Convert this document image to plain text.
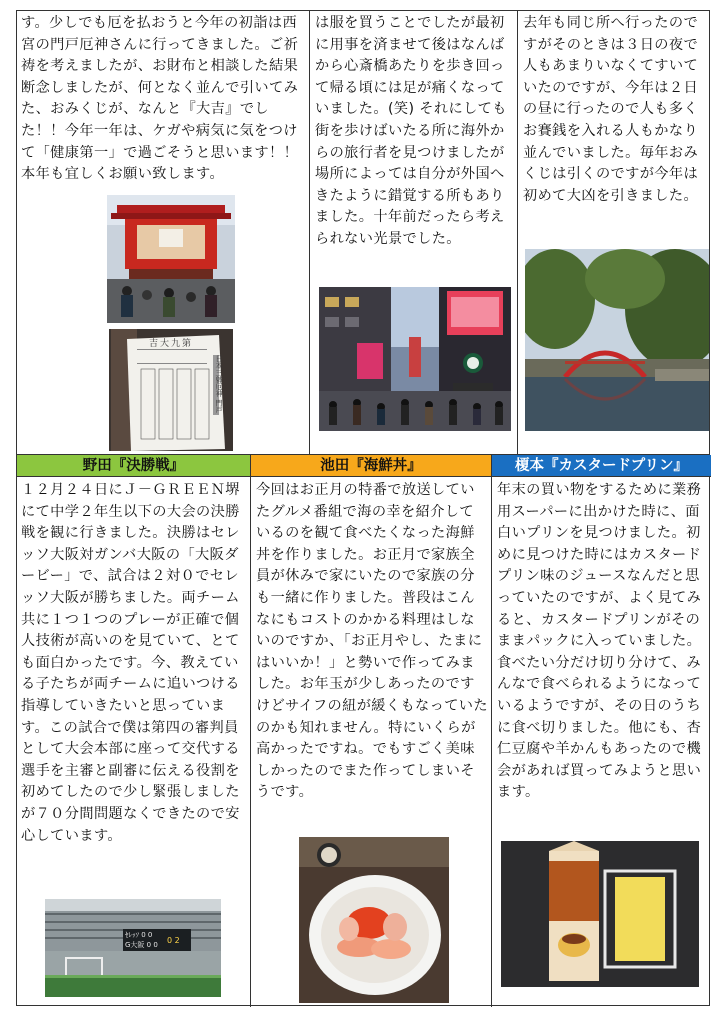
す。少しでも厄を払おうと今年の初詣は西宮の門戸厄神さんに行ってきました。ご祈祷を考えましたが、お財布と相談した結果断念しましたが、何となく並んで引いてみた、おみくじが、なんと『大吉』でした！！今年一年は、ケガや病気に気をつけて「健康第一」で過ごそうと思います！！本年も宜しくお願い致します。
吉大九第
日本三躰厄神 門戸
は服を買うことでしたが最初に用事を済ませて後はなんばから心斎橋あたりを歩き回って帰る頃には足が痛くなっていました。(笑) それにしても街を歩けばいたる所に海外からの旅行者を見つけましたが場所によっては自分が外国へきたように錯覚する所もありました。十年前だったら考えられない光景でした。
去年も同じ所へ行ったのですがそのときは３日の夜で人もあまりいなくてすいていたのですが、今年は２日の昼に行ったので人も多くお賽銭を入れる人もかなり並んでいました。毎年おみくじは引くのですが今年は初めて大凶を引きました。
野田『決勝戦』	池田『海鮮丼』	榎本『カスタードプリン』
１２月２４日にＪ－ＧＲＥＥＮ堺にて中学２年生以下の大会の決勝戦を観に行きました。決勝はセレッソ大阪対ガンバ大阪の「大阪ダービー」で、試合は２対０でセレッソ大阪が勝ちました。両チーム共に１つ１つのプレーが正確で個人技術が高いのを見ていて、とても面白かったです。今、教えている子たちが両チームに追いつける指導していきたいと思っています。この試合で僕は第四の審判員として大会本部に座って交代する選手を主審と副審に伝える役割を初めてしたので少し緊張しましたが７０分間問題なくできたので安心しています。
ｾﾚｯｿ 0 0
G大阪 0 0 0 2
今回はお正月の特番で放送していたグルメ番組で海の幸を紹介しているのを観て食べたくなった海鮮丼を作りました。お正月で家族全員が休みで家にいたので家族の分も一緒に作りました。普段はこんなにもコストのかかる料理はしないのですか、「お正月やし、たまにはいいか！」と勢いで作ってみました。お年玉が少しあったのですけどサイフの紐が緩くもなっていたのかも知れません。特にいくらが高かったですね。でもすごく美味しかったのでまた作ってしまいそうです。
年末の買い物をするために業務用スーパーに出かけた時に、面白いプリンを見つけました。初めに見つけた時にはカスタードプリン味のジュースなんだと思っていたのですが、よく見てみると、カスタードプリンがそのままパックに入っていました。食べたい分だけ切り分けて、みんなで食べられるようになっているようですが、その日のうちに食べ切りました。他にも、杏仁豆腐や羊かんもあったので機会があれば買ってみようと思います。
